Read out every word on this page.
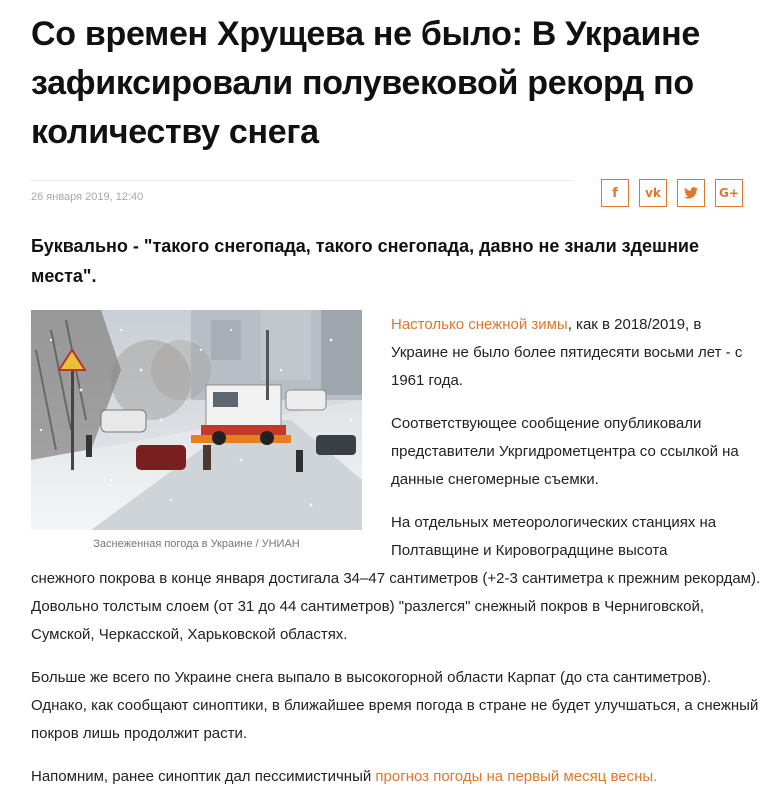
Со времен Хрущева не было: В Украине зафиксировали полувековой рекорд по количеству снега
26 января 2019, 12:40	f vk	G+

Буквально - "такого снегопада, такого снегопада, давно не знали здешние места".

Заснеженная погода в Украине / УНИАН

Настолько снежной зимы, как в 2018/2019, в Украине не было более пятидесяти восьми лет - с 1961 года.

Соответствующее сообщение опубликовали представители Укргидрометцентра со ссылкой на данные снегомерные съемки.

На отдельных метеорологических станциях на Полтавщине и Кировоградщине высота

снежного покрова в конце января достигала 34–47 сантиметров (+2-3 сантиметра к прежним рекордам). Довольно толстым слоем (от 31 до 44 сантиметров) "разлегся" снежный покров в Черниговской, Сумской, Черкасской, Харьковской областях.

Больше же всего по Украине снега выпало в высокогорной области Карпат (до ста сантиметров). Однако, как сообщают синоптики, в ближайшее время погода в стране не будет улучшаться, а снежный покров лишь продолжит расти.

Напомним, ранее синоптик дал пессимистичный прогноз погоды на первый месяц весны.
